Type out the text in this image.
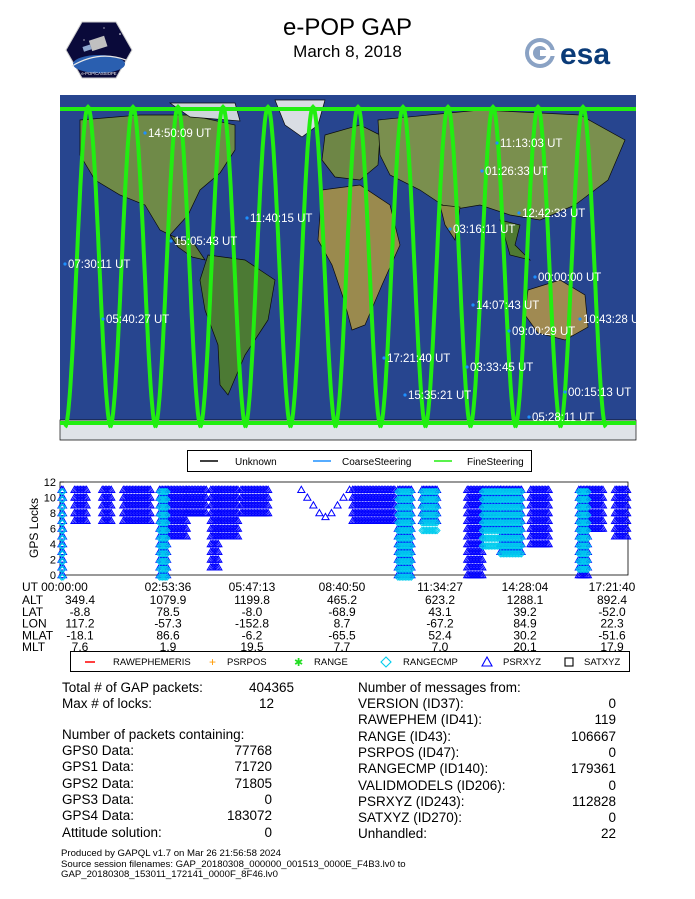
e-POP GAP
March 8, 2018
e-POP/CASSIOPE
esa
14:50:09 UT
11:13:03 UT
01:26:33 UT
11:40:15 UT	12:42:33 UT
03:16:11 UT
15:05:43 UT
07:30:11 UT
00:00:00 UT
14:07:43 UT
05:40:27 UT	10:43:28 UT
09:00:29 UT
17:21:40 UT
03:33:45 UT
00:15:13 UT
15:35:21 UT
05:28:11 UT
Unknown	CoarseSteering	FineSteering
GPS Locks
0
2
4
6
8
10
12
UT 00:00:00	02:53:36	05:47:13	08:40:50	11:34:27	14:28:04	17:21:40
ALT 349.4	1079.9	1199.8	465.2	623.2	1288.1	892.4
LAT -8.8	78.5	-8.0	-68.9	43.1	39.2	-52.0
LON 117.2	-57.3	-152.8	8.7	-67.2	84.9	22.3
MLAT -18.1	86.6	-6.2	-65.5	52.4	30.2	-51.6
MLT 7.6	1.9	19.5	7.7	7.0	20.1	17.9
RAWEPHEMERIS + PSRPOS ✱ RANGE	RANGECMP	PSRXYZ	SATXYZ
Total # of GAP packets:	404365
Max # of locks:	12
Number of packets containing:
GPS0 Data:	77768
GPS1 Data:	71720
GPS2 Data:	71805
GPS3 Data:	0
GPS4 Data:	183072
Attitude solution:	0
Number of messages from:
VERSION (ID37):	0
RAWEPHEM (ID41):	119
RANGE (ID43):	106667
PSRPOS (ID47):	0
RANGECMP (ID140):	179361
VALIDMODELS (ID206):	0
PSRXYZ (ID243):	112828
SATXYZ (ID270):	0
Unhandled:	22
Produced by GAPQL v1.7 on Mar 26 21:56:58 2024
Source session filenames: GAP_20180308_000000_001513_0000E_F4B3.lv0 to
GAP_20180308_153011_172141_0000F_8F46.lv0
